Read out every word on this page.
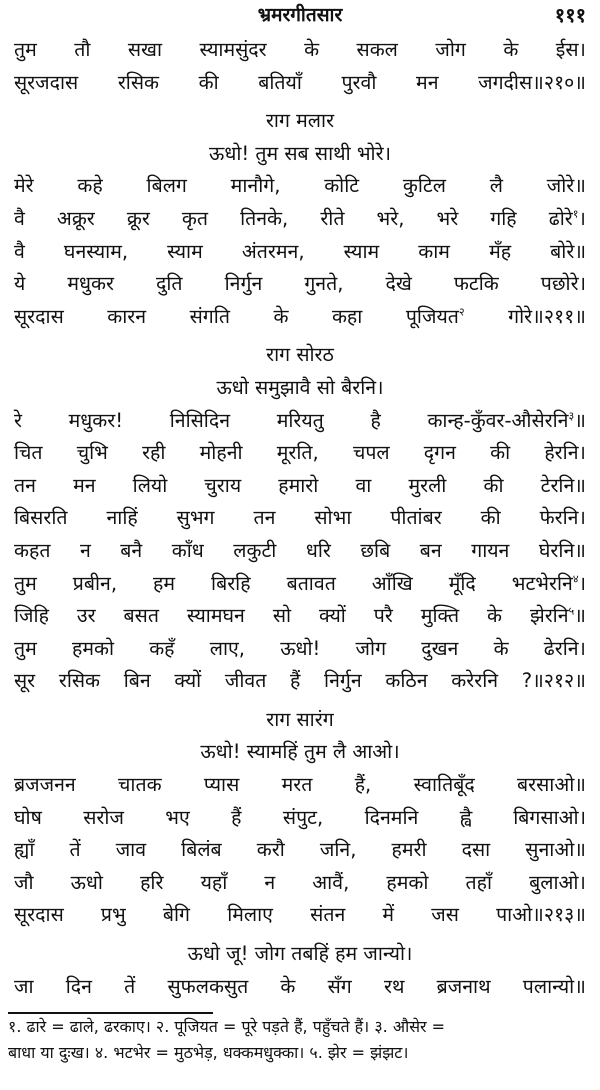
भ्रमरगीतसार	१११
तुम तौ सखा स्यामसुंदर के सकल जोग के ईस।
सूरजदास रसिक की बतियाँ पुरवौ मन जगदीस॥२१०॥
राग मलार
ऊधो! तुम सब साथी भोरे।
मेरे कहे बिलग मानौगे, कोटि कुटिल लै जोरे॥
वै अक्रूर क्रूर कृत तिनके, रीते भरे, भरे गहि ढोरे$^१$।
वै घनस्याम, स्याम अंतरमन, स्याम काम मँह बोरे॥
ये मधुकर दुति निर्गुन गुनते, देखे फटकि पछोरे।
सूरदास कारन संगति के कहा पूजियत$^२$ गोरे॥२११॥
राग सोरठ
ऊधो समुझावै सो बैरनि।
रे मधुकर! निसिदिन मरियतु है कान्ह-कुँवर-औसेरनि$^३$॥
चित चुभि रही मोहनी मूरति, चपल दृगन की हेरनि।
तन मन लियो चुराय हमारो वा मुरली की टेरनि॥
बिसरति नाहिं सुभग तन सोभा पीतांबर की फेरनि।
कहत न बनै काँध लकुटी धरि छबि बन गायन घेरनि॥
तुम प्रबीन, हम बिरहि बतावत आँखि मूँदि भटभेरनि$^४$।
जिहि उर बसत स्यामघन सो क्यों परै मुक्ति के झेरनि$^५$॥
तुम हमको कहँ लाए, ऊधो! जोग दुखन के ढेरनि।
सूर रसिक बिन क्यों जीवत हैं निर्गुन कठिन करेरनि ?॥२१२॥
राग सारंग
ऊधो! स्यामहिं तुम लै आओ।
ब्रजजनन चातक प्यास मरत हैं, स्वातिबूँद बरसाओ॥
घोष सरोज भए हैं संपुट, दिनमनि ह्वै बिगसाओ।
ह्याँ तें जाव बिलंब करौ जनि, हमरी दसा सुनाओ॥
जौ ऊधो हरि यहाँ न आवैं, हमको तहाँ बुलाओ।
सूरदास प्रभु बेगि मिलाए संतन में जस पाओ॥२१३॥
ऊधो जू! जोग तबहिं हम जान्यो।
जा दिन तें सुफलकसुत के सँग रथ ब्रजनाथ पलान्यो॥
१. ढारे = ढाले, ढरकाए। २. पूजियत = पूरे पड़ते हैं, पहुँचते हैं। ३. औसेर =
बाधा या दुःख। ४. भटभेर = मुठभेड़, धक्कमधुक्का। ५. झेर = झंझट।
